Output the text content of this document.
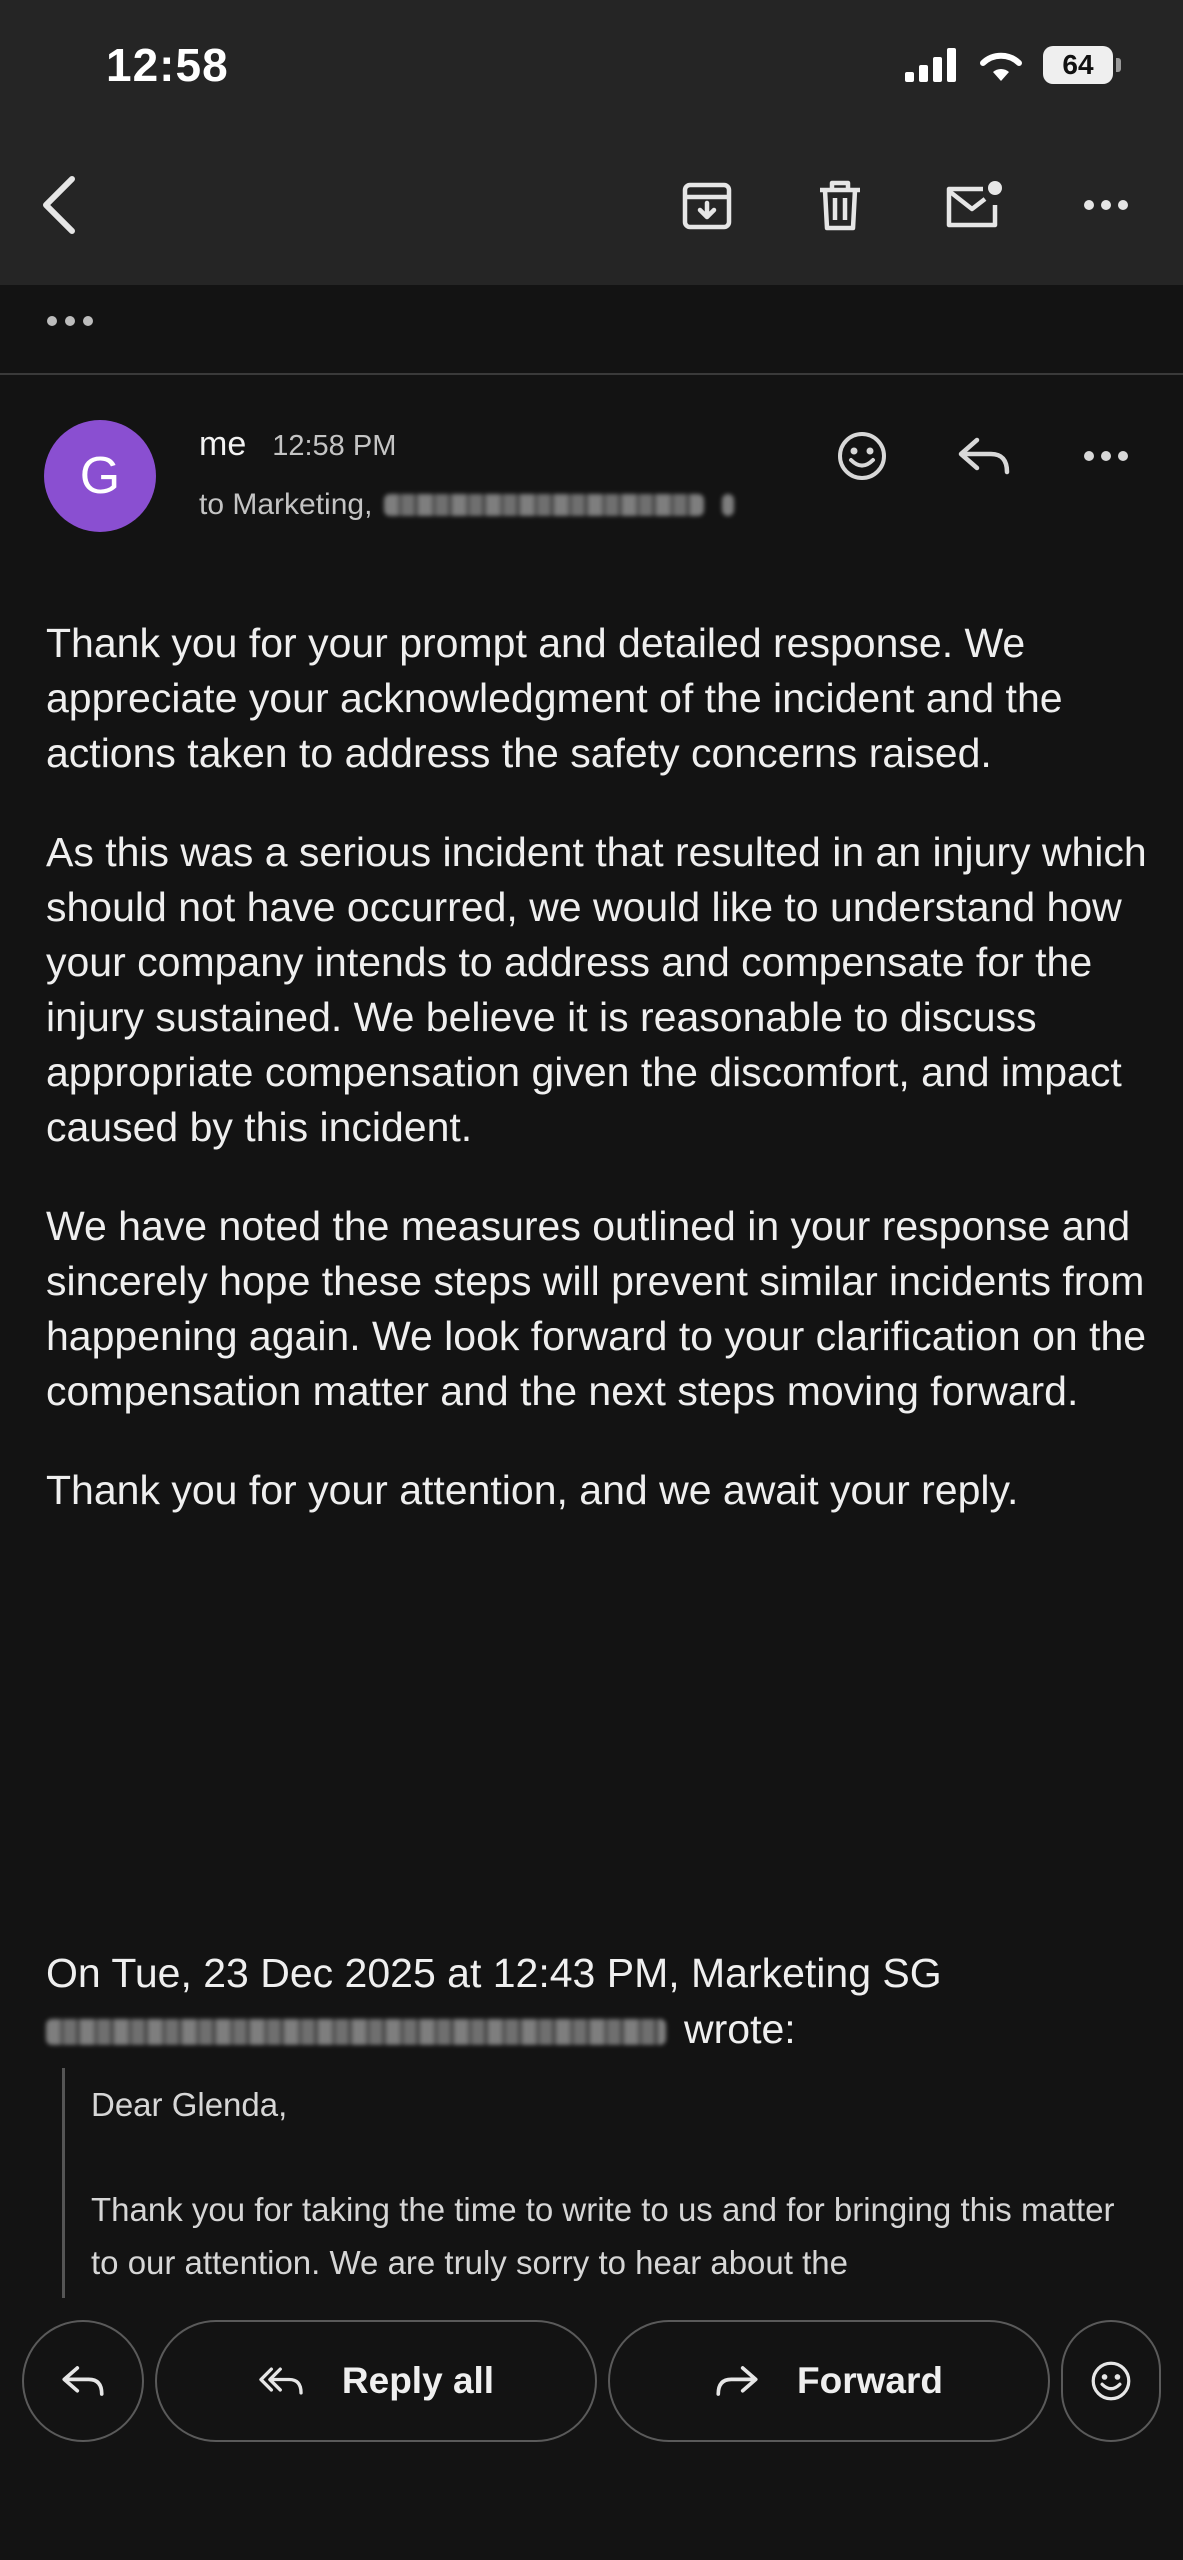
12:58	64
G
me 12:58 PM
to Marketing,

Thank you for your prompt and detailed response. We appreciate your acknowledgment of the incident and the actions taken to address the safety concerns raised.

As this was a serious incident that resulted in an injury which should not have occurred, we would like to understand how your company intends to address and compensate for the injury sustained. We believe it is reasonable to discuss appropriate compensation given the discomfort, and impact caused by this incident.

We have noted the measures outlined in your response and sincerely hope these steps will prevent similar incidents from happening again. We look forward to your clarification on the compensation matter and the next steps moving forward.

Thank you for your attention, and we await your reply.

On Tue, 23 Dec 2025 at 12:43 PM, Marketing SG
wrote:
Dear Glenda,
Thank you for taking the time to write to us and for bringing this matter to our attention. We are truly sorry to hear about the
Reply all	Forward
